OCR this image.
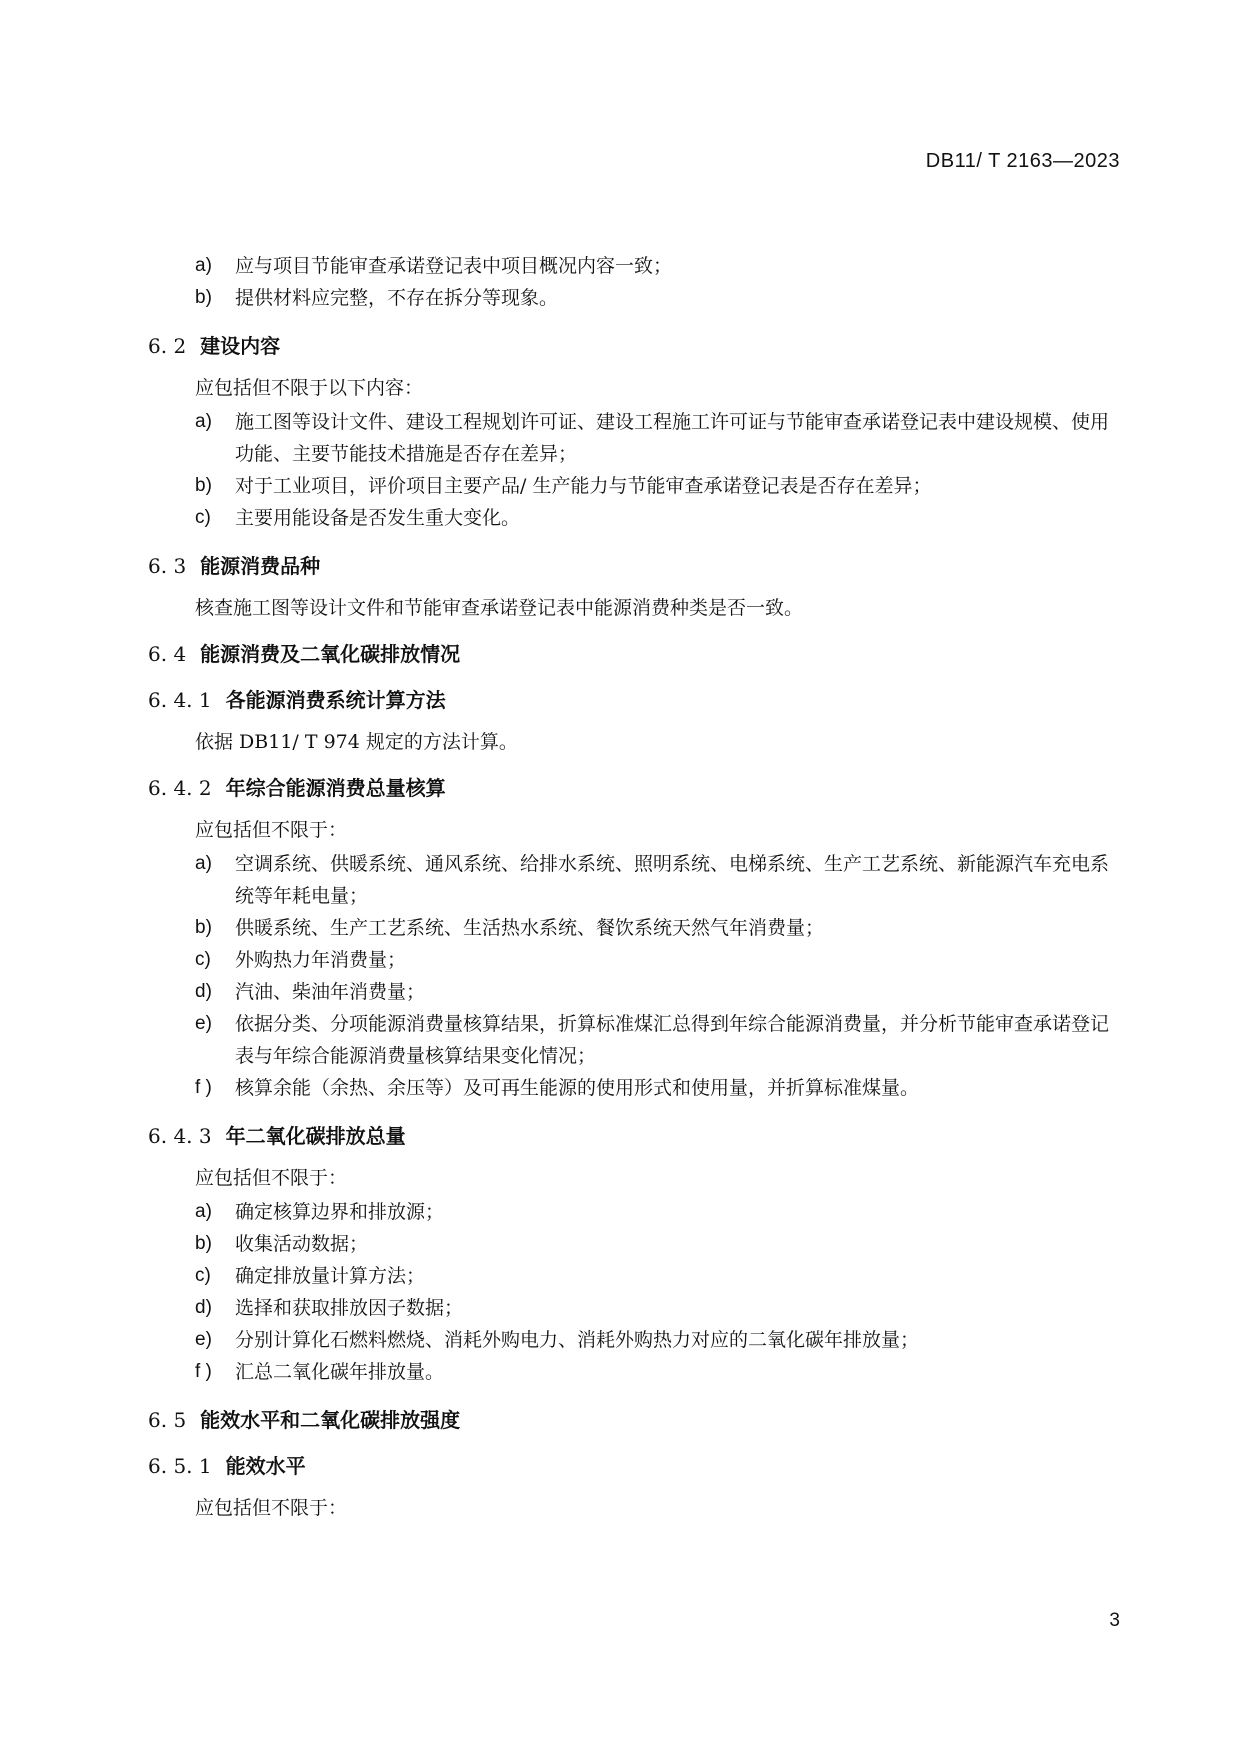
DB11/ T 2163—2023
a) 应与项目节能审查承诺登记表中项目概况内容一致；
b) 提供材料应完整，不存在拆分等现象。
6. 2 建设内容
应包括但不限于以下内容：
a) 施工图等设计文件、建设工程规划许可证、建设工程施工许可证与节能审查承诺登记表中建设规模、使用功能、主要节能技术措施是否存在差异；
b) 对于工业项目，评价项目主要产品/ 生产能力与节能审查承诺登记表是否存在差异；
c) 主要用能设备是否发生重大变化。
6. 3 能源消费品种
核查施工图等设计文件和节能审查承诺登记表中能源消费种类是否一致。
6. 4 能源消费及二氧化碳排放情况
6. 4. 1 各能源消费系统计算方法
依据 DB11/ T 974 规定的方法计算。
6. 4. 2 年综合能源消费总量核算
应包括但不限于：
a) 空调系统、供暖系统、通风系统、给排水系统、照明系统、电梯系统、生产工艺系统、新能源汽车充电系统等年耗电量；
b) 供暖系统、生产工艺系统、生活热水系统、餐饮系统天然气年消费量；
c) 外购热力年消费量；
d) 汽油、柴油年消费量；
e) 依据分类、分项能源消费量核算结果，折算标准煤汇总得到年综合能源消费量，并分析节能审查承诺登记表与年综合能源消费量核算结果变化情况；
f ) 核算余能（余热、余压等）及可再生能源的使用形式和使用量，并折算标准煤量。
6. 4. 3 年二氧化碳排放总量
应包括但不限于：
a) 确定核算边界和排放源；
b) 收集活动数据；
c) 确定排放量计算方法；
d) 选择和获取排放因子数据；
e) 分别计算化石燃料燃烧、消耗外购电力、消耗外购热力对应的二氧化碳年排放量；
f ) 汇总二氧化碳年排放量。
6. 5 能效水平和二氧化碳排放强度
6. 5. 1 能效水平
应包括但不限于：
3
